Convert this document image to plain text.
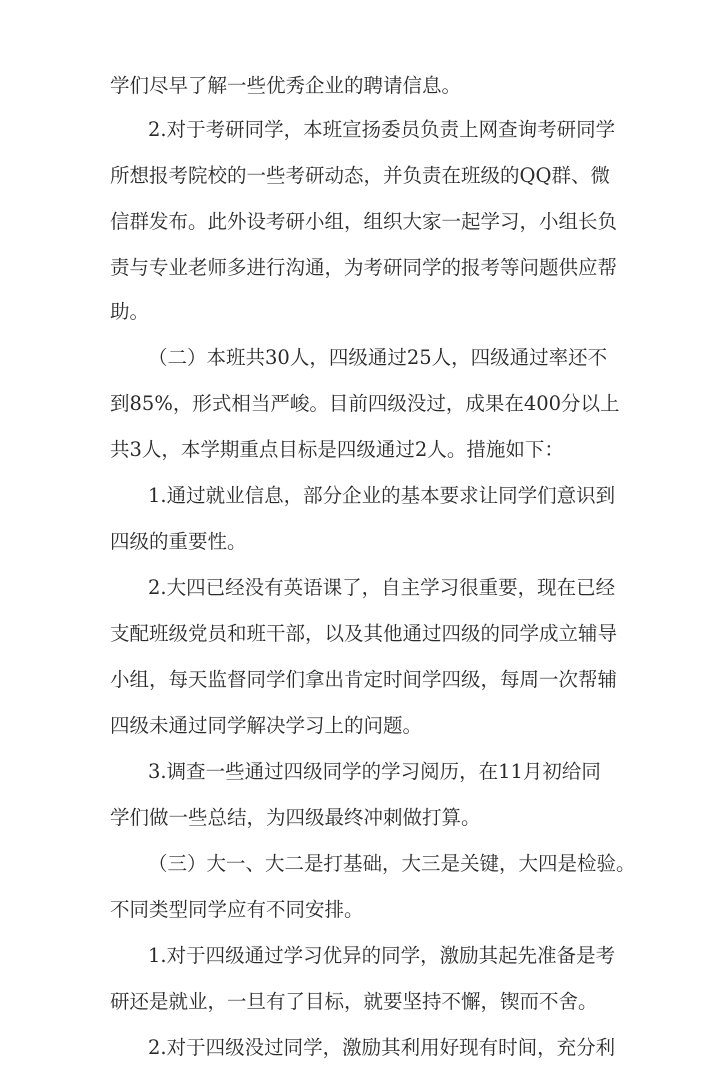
学们尽早了解一些优秀企业的聘请信息。
2.对于考研同学，本班宣扬委员负责上网查询考研同学
所想报考院校的一些考研动态，并负责在班级的QQ群、微
信群发布。此外设考研小组，组织大家一起学习，小组长负
责与专业老师多进行沟通，为考研同学的报考等问题供应帮
助。
（二）本班共30人，四级通过25人，四级通过率还不
到85%，形式相当严峻。目前四级没过，成果在400分以上
共3人，本学期重点目标是四级通过2人。措施如下：
1.通过就业信息，部分企业的基本要求让同学们意识到
四级的重要性。
2.大四已经没有英语课了，自主学习很重要，现在已经
支配班级党员和班干部，以及其他通过四级的同学成立辅导
小组，每天监督同学们拿出肯定时间学四级，每周一次帮辅
四级未通过同学解决学习上的问题。
3.调查一些通过四级同学的学习阅历，在11月初给同
学们做一些总结，为四级最终冲刺做打算。
（三）大一、大二是打基础，大三是关键，大四是检验。
不同类型同学应有不同安排。
1.对于四级通过学习优异的同学，激励其起先准备是考
研还是就业，一旦有了目标，就要坚持不懈，锲而不舍。
2.对于四级没过同学，激励其利用好现有时间，充分利
